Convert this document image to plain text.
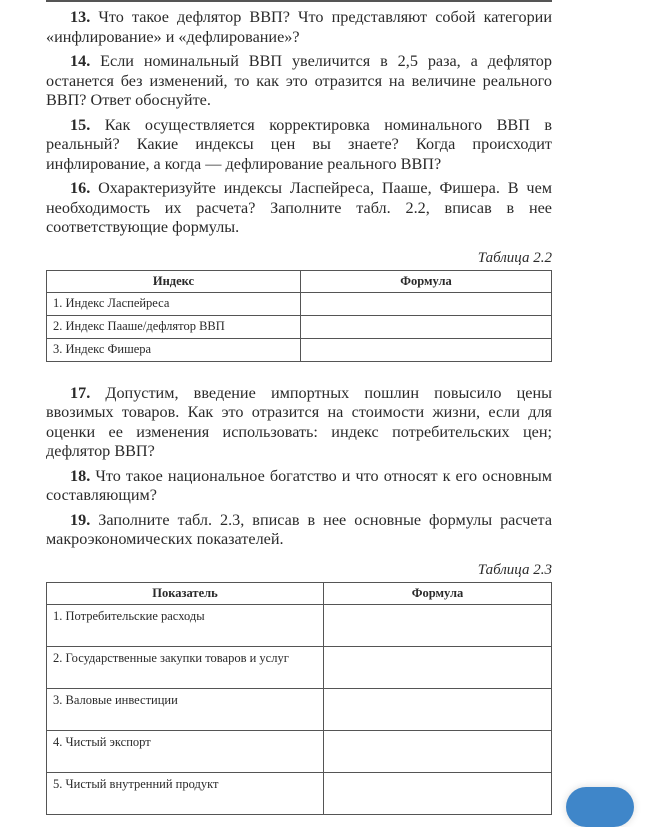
13. Что такое дефлятор ВВП? Что представляют собой категории «инфлирование» и «дефлирование»?

14. Если номинальный ВВП увеличится в 2,5 раза, а дефлятор останется без изменений, то как это отразится на величине реального ВВП? Ответ обоснуйте.

15. Как осуществляется корректировка номинального ВВП в реальный? Какие индексы цен вы знаете? Когда происходит инфлирование, а когда — дефлирование реального ВВП?

16. Охарактеризуйте индексы Ласпейреса, Пааше, Фишера. В чем необходимость их расчета? Заполните табл. 2.2, вписав в нее соответствующие формулы.

Таблица 2.2
Индекс	Формула
1. Индекс Ласпейреса	
2. Индекс Пааше/дефлятор ВВП	
3. Индекс Фишера	

17. Допустим, введение импортных пошлин повысило цены ввозимых товаров. Как это отразится на стоимости жизни, если для оценки ее изменения использовать: индекс потребительских цен; дефлятор ВВП?

18. Что такое национальное богатство и что относят к его основным составляющим?

19. Заполните табл. 2.3, вписав в нее основные формулы расчета макроэкономических показателей.

Таблица 2.3
Показатель	Формула
1. Потребительские расходы	
2. Государственные закупки товаров и услуг	
3. Валовые инвестиции	
4. Чистый экспорт	
5. Чистый внутренний продукт	
